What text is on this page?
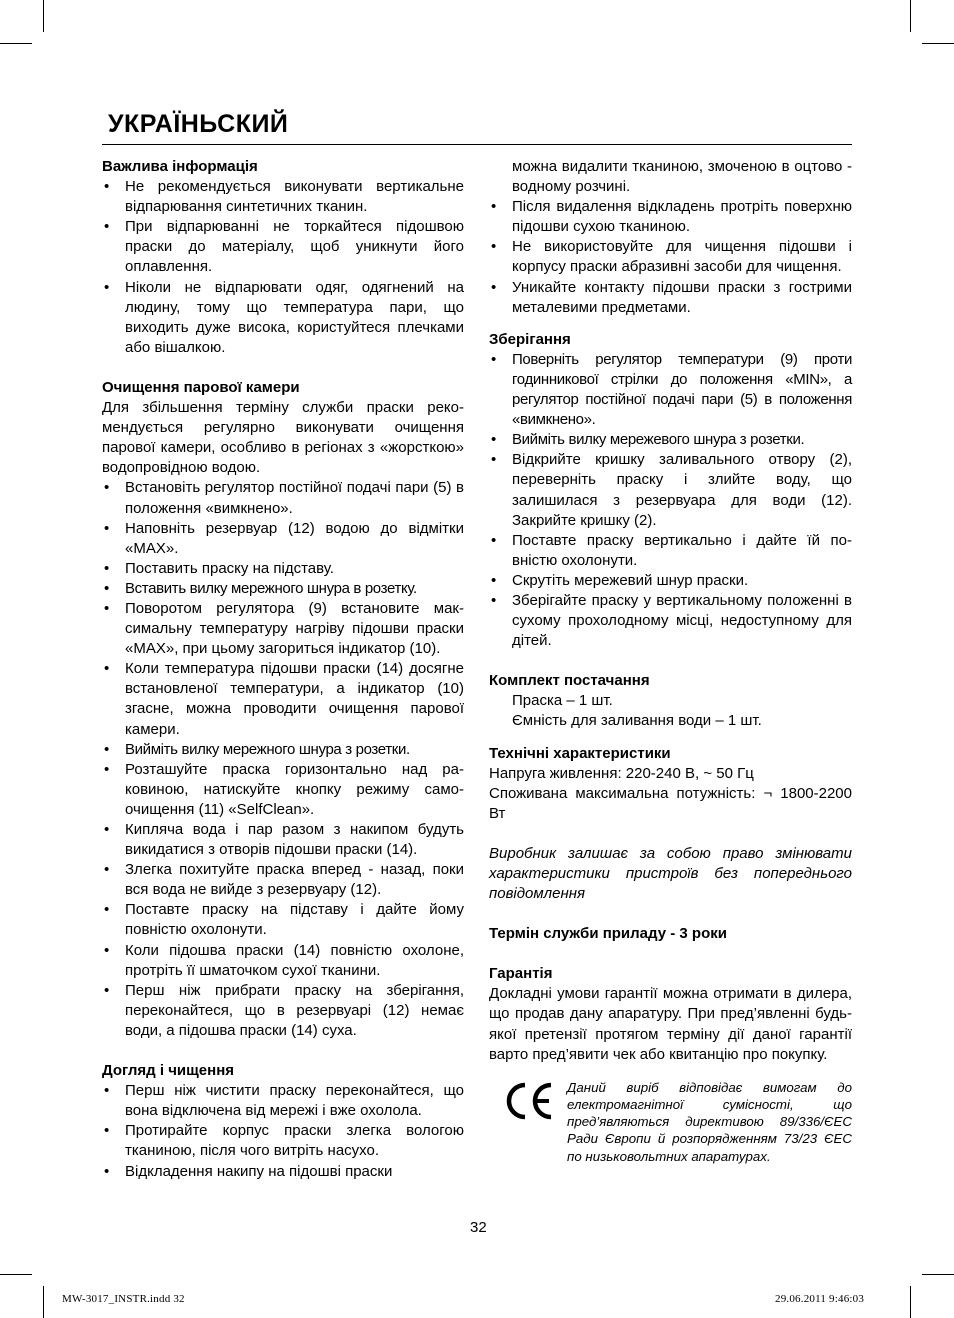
УКРАЇНЬСКИЙ
Важлива інформація
• Не рекомендується виконувати вертикальне відпарювання синтетичних тканин.
• При відпарюванні не торкайтеся підошвою праски до матеріалу, щоб уникнути його оплавлення.
• Ніколи не відпарювати одяг, одягнений на людину, тому що температура пари, що виходить дуже висока, користуйтеся плечками або вішалкою.
Очищення парової камери

Для збільшення терміну служби праски рекомендується регулярно виконувати очищення парової камери, особливо в регіонах з «жорсткою» водопровідною водою.

• Встановіть регулятор постійної подачі пари (5) в положення «вимкнено».
• Наповніть резервуар (12) водою до відмітки «MAX».
• Поставить праску на підставу.
• Вставить вилку мережного шнура в розетку.
• Поворотом регулятора (9) встановите максимальну температуру нагріву підошви праски «MAX», при цьому загориться індикатор (10).
• Коли температура підошви праски (14) досягне встановленої температури, а індикатор (10) згасне, можна проводити очищення парової камери.
• Вийміть вилку мережного шнура з розетки.
• Розташуйте праска горизонтально над раковиною, натискуйте кнопку режиму самоочищення (11) «SelfClean».
• Кипляча вода і пар разом з накипом будуть викидатися з отворів підошви праски (14).
• Злегка похитуйте праска вперед - назад, поки вся вода не вийде з резервуару (12).
• Поставте праску на підставу і дайте йому повністю охолонути.
• Коли підошва праски (14) повністю охолоне, протріть її шматочком сухої тканини.
• Перш ніж прибрати праску на зберігання, переконайтеся, що в резервуарі (12) немає води, а підошва праски (14) суха.
Догляд і чищення
• Перш ніж чистити праску переконайтеся, що вона відключена від мережі і вже охолола.
• Протирайте корпус праски злегка вологою тканиною, після чого витріть насухо.
• Відкладення накипу на підошві праски

можна видалити тканиною, змоченою в оцтово - водному розчині.

• Після видалення відкладень протріть поверхню підошви сухою тканиною.
• Не використовуйте для чищення підошви і корпусу праски абразивні засоби для чищення.
• Уникайте контакту підошви праски з гострими металевими предметами.
Зберігання
• Поверніть регулятор температури (9) проти годинникової стрілки до положення «MIN», а регулятор постійної подачі пари (5) в положення «вимкнено».
• Вийміть вилку мережевого шнура з розетки.
• Відкрийте кришку заливального отвору (2), переверніть праску і злийте воду, що залишилася з резервуара для води (12). Закрийте кришку (2).
• Поставте праску вертикально і дайте їй повністю охолонути.
• Скрутіть мережевий шнур праски.
• Зберігайте праску у вертикальному положенні в сухому прохолодному місці, недоступному для дітей.
Комплект постачання

Праска – 1 шт.

Ємність для заливання води – 1 шт.

Технічні характеристики

Напруга живлення: 220-240 В, ~ 50 Гц

Споживана максимальна потужність: ¬ 1800-2200 Вт

Виробник залишає за собою право змінювати характеристики пристроїв без попереднього повідомлення

Термін служби приладу - 3 роки
Гарантія

Докладні умови гарантії можна отримати в дилера, що продав дану апаратуру. При пред’явленні будь-якої претензії протягом терміну дії даної гарантії варто пред’явити чек або квитанцію про покупку.

Даний виріб відповідає вимогам до електромагнітної сумісності, що пред’являються директивою 89/336/ЄЕС Ради Європи й розпорядженням 73/23 ЄЕС по низьковольтних апаратурах.
32
MW-3017_INSTR.indd 32	29.06.2011 9:46:03
